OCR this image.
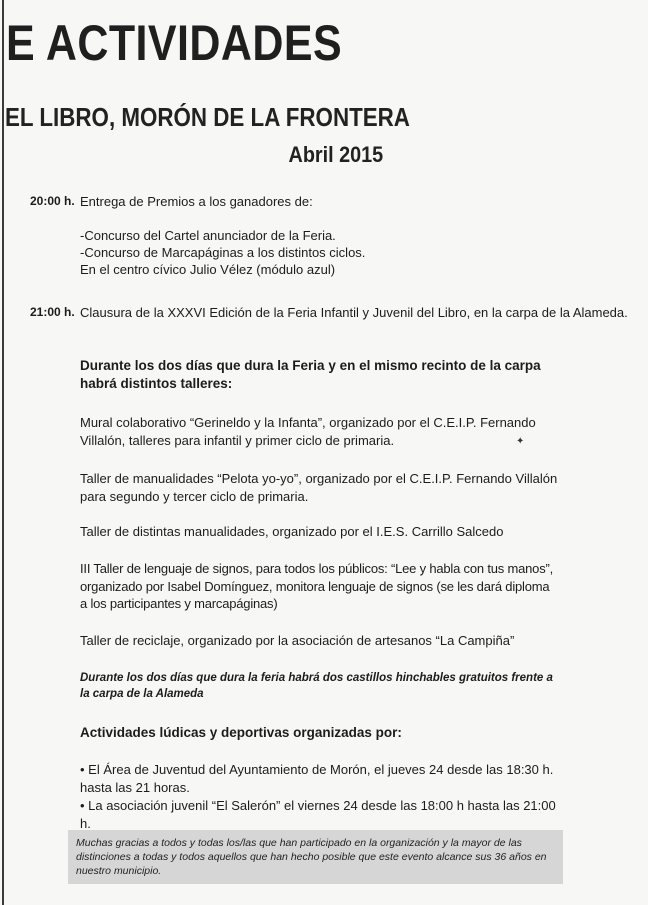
E ACTIVIDADES
EL LIBRO, MORÓN DE LA FRONTERA
Abril 2015
20:00 h. Entrega de Premios a los ganadores de:
-Concurso del Cartel anunciador de la Feria.
-Concurso de Marcapáginas a los distintos ciclos.
En el centro cívico Julio Vélez (módulo azul)
21:00 h. Clausura de la XXXVI Edición de la Feria Infantil y Juvenil del Libro, en la carpa de la Alameda.
Durante los dos días que dura la Feria y en el mismo recinto de la carpa habrá distintos talleres:
Mural colaborativo “Gerineldo y la Infanta”, organizado por el C.E.I.P. Fernando Villalón, talleres para infantil y primer ciclo de primaria.	✦
Taller de manualidades “Pelota yo-yo”, organizado por el C.E.I.P. Fernando Villalón para segundo y tercer ciclo de primaria.
Taller de distintas manualidades, organizado por el I.E.S. Carrillo Salcedo
III Taller de lenguaje de signos, para todos los públicos: “Lee y habla con tus manos”, organizado por Isabel Domínguez, monitora lenguaje de signos (se les dará diploma a los participantes y marcapáginas)
Taller de reciclaje, organizado por la asociación de artesanos “La Campiña”
Durante los dos días que dura la feria habrá dos castillos hinchables gratuitos frente a la carpa de la Alameda
Actividades lúdicas y deportivas organizadas por:
• El Área de Juventud del Ayuntamiento de Morón, el jueves 24 desde las 18:30 h. hasta las 21 horas.
• La asociación juvenil “El Salerón” el viernes 24 desde las 18:00 h hasta las 21:00 h.
Muchas gracias a todos y todas los/las que han participado en la organización y la mayor de las distinciones a todas y todos aquellos que han hecho posible que este evento alcance sus 36 años en nuestro municipio.
